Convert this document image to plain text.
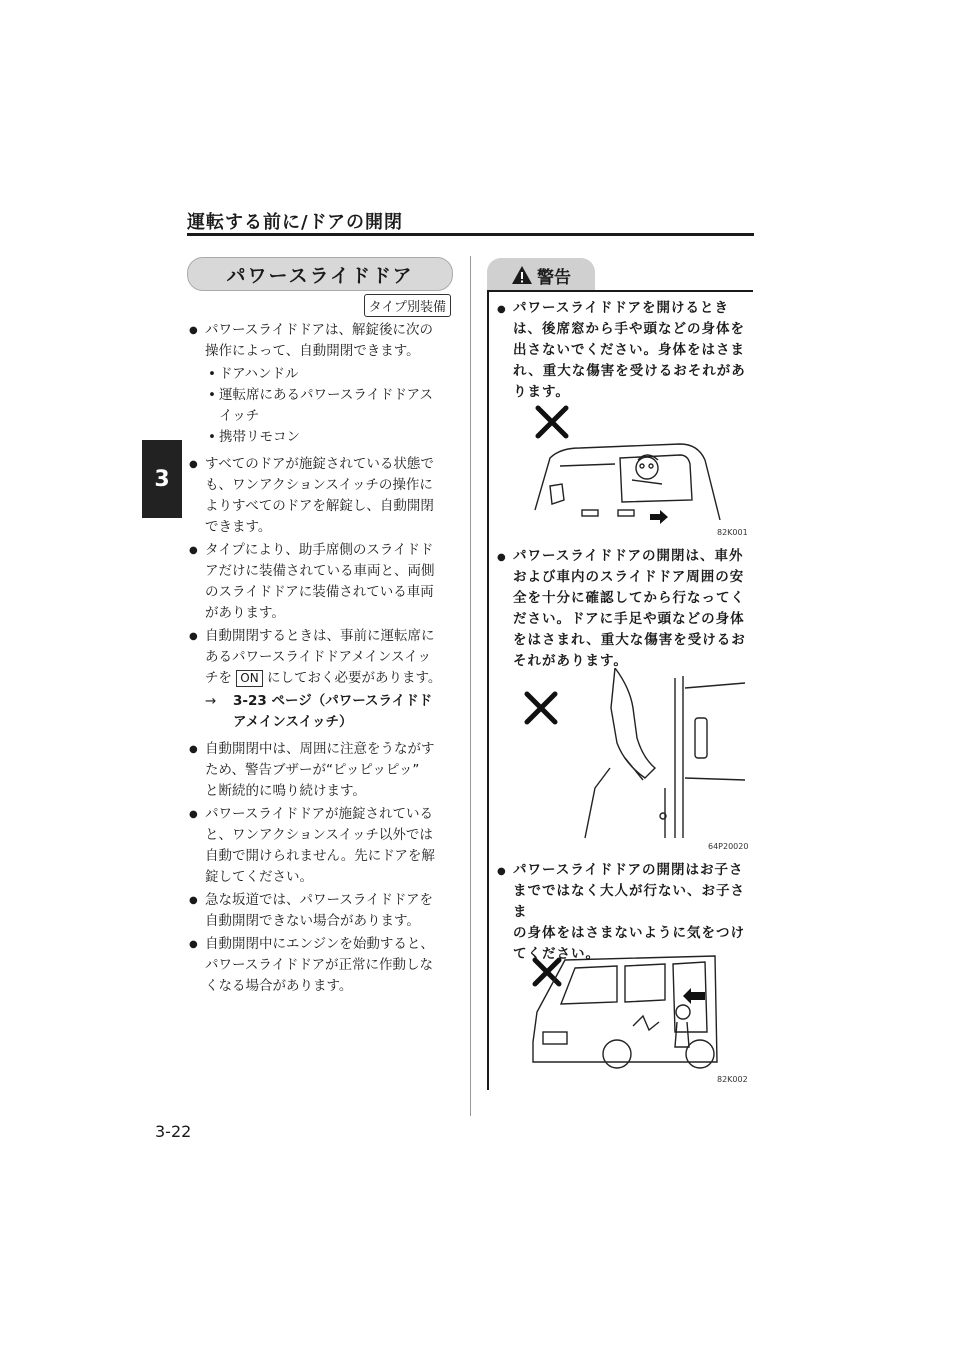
運転する前に/ドアの開閉
3
パワースライドドア
タイプ別装備
● パワースライドドアは、解錠後に次の
操作によって、自動開閉できます。
• ドアハンドル
• 運転席にあるパワースライドドアス
イッチ
• 携帯リモコン
● すべてのドアが施錠されている状態で
も、ワンアクションスイッチの操作に
よりすべてのドアを解錠し、自動開閉
できます。
● タイプにより、助手席側のスライドド
アだけに装備されている車両と、両側
のスライドドアに装備されている車両
があります。
● 自動開閉するときは、事前に運転席に
あるパワースライドドアメインスイッ
チを ON にしておく必要があります。
→ 3-23 ページ（パワースライドド
アメインスイッチ）
● 自動開閉中は、周囲に注意をうながす
ため、警告ブザーが“ピッピッピッ”
と断続的に鳴り続けます。
● パワースライドドアが施錠されている
と、ワンアクションスイッチ以外では
自動で開けられません。先にドアを解
錠してください。
● 急な坂道では、パワースライドドアを
自動開閉できない場合があります。
● 自動開閉中にエンジンを始動すると、
パワースライドドアが正常に作動しな
くなる場合があります。
警告
● パワースライドドアを開けるとき
は、後席窓から手や頭などの身体を
出さないでください。身体をはさま
れ、重大な傷害を受けるおそれがあ
ります。
82K001
● パワースライドドアの開閉は、車外
および車内のスライドドア周囲の安
全を十分に確認してから行なってく
ださい。ドアに手足や頭などの身体
をはさまれ、重大な傷害を受けるお
それがあります。
64P20020
● パワースライドドアの開閉はお子さ
までではなく大人が行ない、お子さま
の身体をはさまないように気をつけ
てください。
82K002
3-22
